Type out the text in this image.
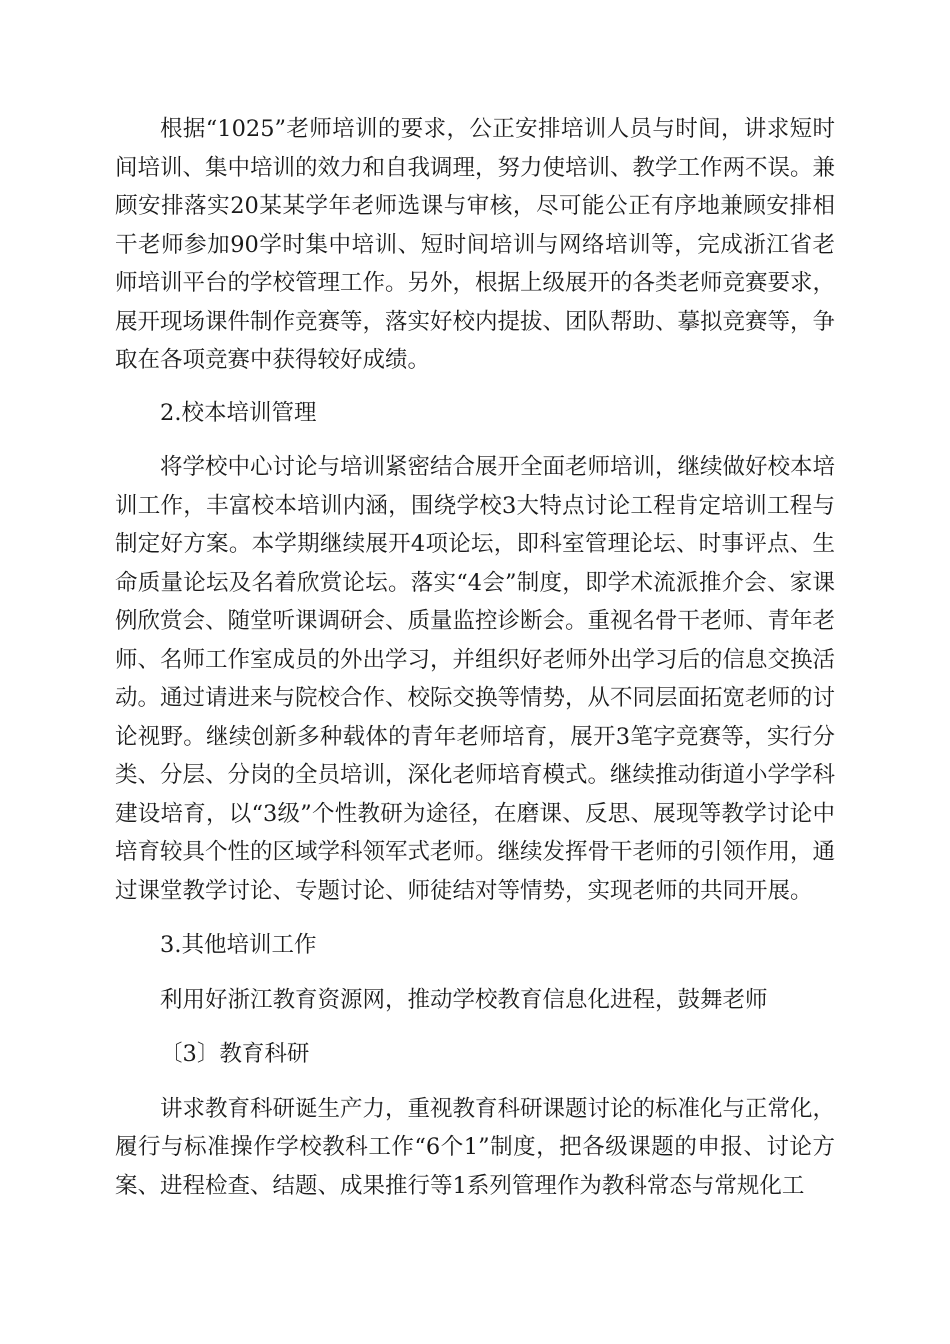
根据“1025”老师培训的要求，公正安排培训人员与时间，讲求短时间培训、集中培训的效力和自我调理，努力使培训、教学工作两不误。兼顾安排落实20某某学年老师选课与审核，尽可能公正有序地兼顾安排相干老师参加90学时集中培训、短时间培训与网络培训等，完成浙江省老师培训平台的学校管理工作。另外，根据上级展开的各类老师竞赛要求，展开现场课件制作竞赛等，落实好校内提拔、团队帮助、摹拟竞赛等，争取在各项竞赛中获得较好成绩。

2.校本培训管理

将学校中心讨论与培训紧密结合展开全面老师培训，继续做好校本培训工作，丰富校本培训内涵，围绕学校3大特点讨论工程肯定培训工程与制定好方案。本学期继续展开4项论坛，即科室管理论坛、时事评点、生命质量论坛及名着欣赏论坛。落实“4会”制度，即学术流派推介会、家课例欣赏会、随堂听课调研会、质量监控诊断会。重视名骨干老师、青年老师、名师工作室成员的外出学习，并组织好老师外出学习后的信息交换活动。通过请进来与院校合作、校际交换等情势，从不同层面拓宽老师的讨论视野。继续创新多种载体的青年老师培育，展开3笔字竞赛等，实行分类、分层、分岗的全员培训，深化老师培育模式。继续推动街道小学学科建设培育，以“3级”个性教研为途径，在磨课、反思、展现等教学讨论中培育较具个性的区域学科领军式老师。继续发挥骨干老师的引领作用，通过课堂教学讨论、专题讨论、师徒结对等情势，实现老师的共同开展。

3.其他培训工作

利用好浙江教育资源网，推动学校教育信息化进程，鼓舞老师

〔3〕教育科研

讲求教育科研诞生产力，重视教育科研课题讨论的标准化与正常化，履行与标准操作学校教科工作“6个1”制度，把各级课题的申报、讨论方案、进程检查、结题、成果推行等1系列管理作为教科常态与常规化工
